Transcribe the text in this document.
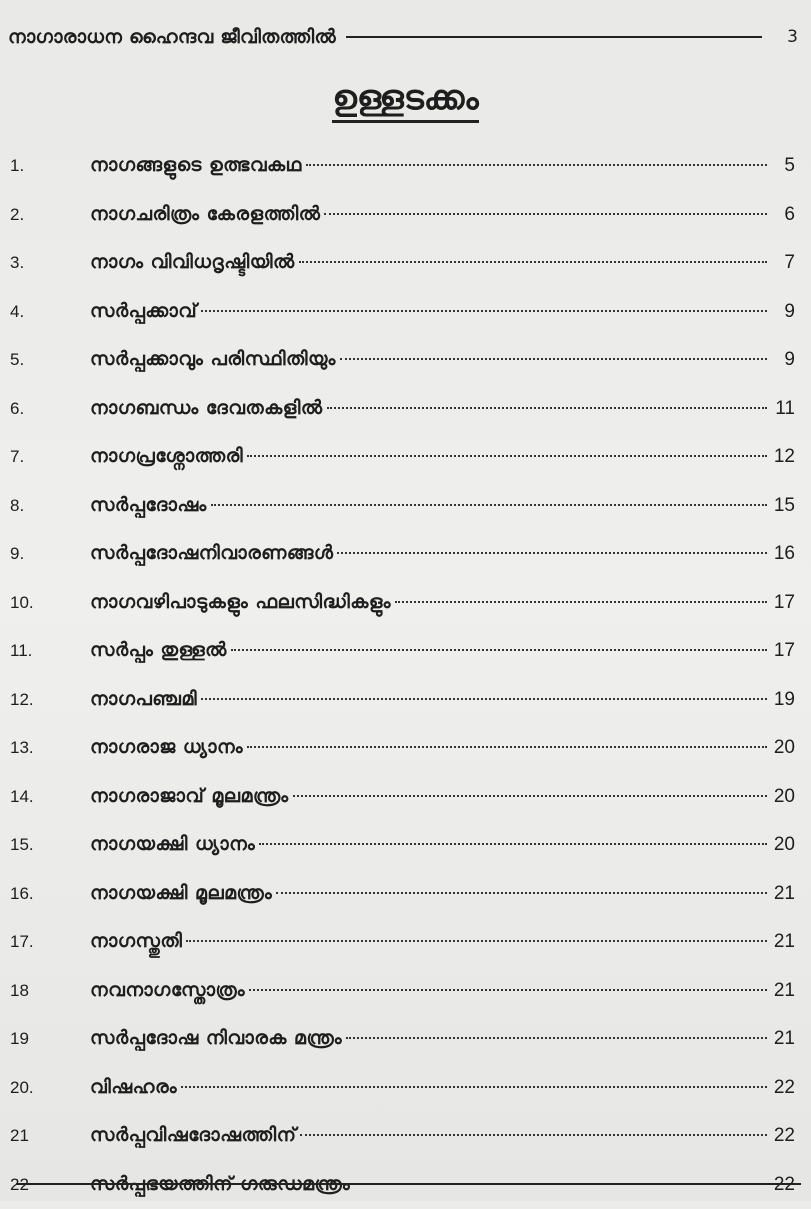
നാഗാരാധന ഹൈന്ദവ ജീവിതത്തിൽ	3
ഉള്ളടക്കം
1.	നാഗങ്ങളുടെ ഉത്ഭവകഥ	5
2.	നാഗചരിത്രം കേരളത്തിൽ	6
3.	നാഗം വിവിധദൃഷ്ടിയിൽ	7
4.	സർപ്പക്കാവ്	9
5.	സർപ്പക്കാവും പരിസ്ഥിതിയും	9
6.	നാഗബന്ധം ദേവതകളിൽ	11
7.	നാഗപ്രശ്നോത്തരി	12
8.	സർപ്പദോഷം	15
9.	സർപ്പദോഷനിവാരണങ്ങൾ	16
10.	നാഗവഴിപാടുകളും ഫലസിദ്ധികളും	17
11.	സർപ്പം തുള്ളൽ	17
12.	നാഗപഞ്ചമി	19
13.	നാഗരാജ ധ്യാനം	20
14.	നാഗരാജാവ് മൂലമന്ത്രം	20
15.	നാഗയക്ഷി ധ്യാനം	20
16.	നാഗയക്ഷി മൂലമന്ത്രം	21
17.	നാഗസ്തുതി	21
18	നവനാഗസ്തോത്രം	21
19	സർപ്പദോഷ നിവാരക മന്ത്രം	21
20.	വിഷഹരം	22
21	സർപ്പവിഷദോഷത്തിന്	22
22	സർപ്പഭയത്തിന് ഗരുഡമന്ത്രം	22
